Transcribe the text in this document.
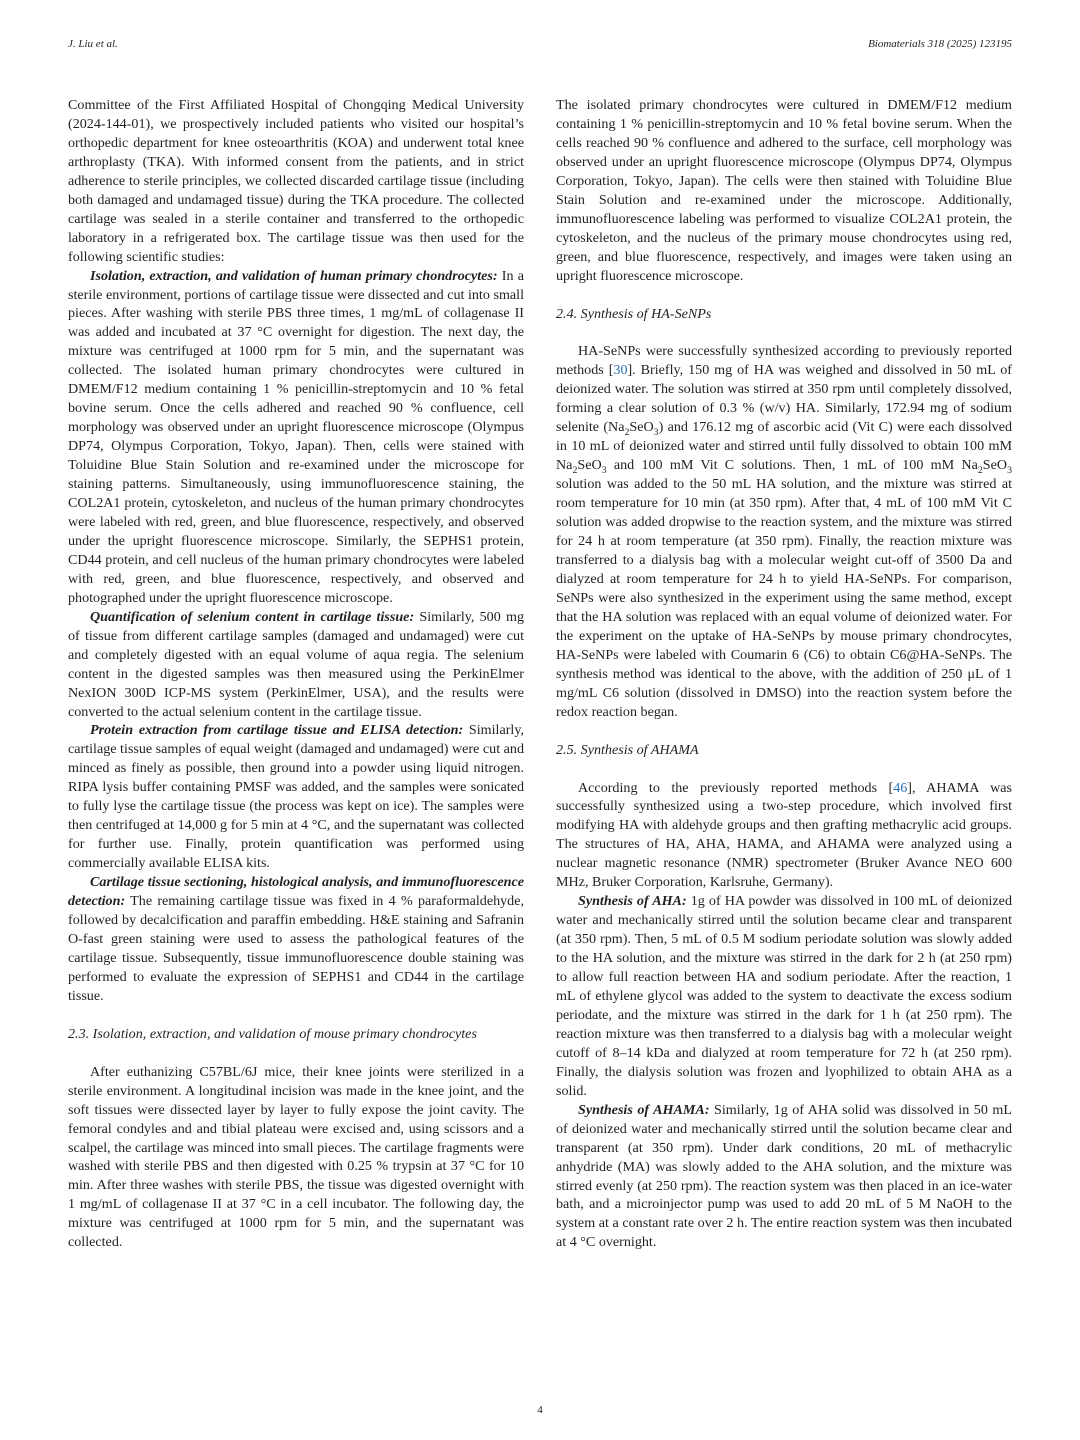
J. Liu et al.	Biomaterials 318 (2025) 123195

Committee of the First Affiliated Hospital of Chongqing Medical University (2024-144-01), we prospectively included patients who visited our hospital’s orthopedic department for knee osteoarthritis (KOA) and underwent total knee arthroplasty (TKA). With informed consent from the patients, and in strict adherence to sterile principles, we collected discarded cartilage tissue (including both damaged and undamaged tissue) during the TKA procedure. The collected cartilage was sealed in a sterile container and transferred to the orthopedic laboratory in a refrigerated box. The cartilage tissue was then used for the following scientific studies:

Isolation, extraction, and validation of human primary chondrocytes: In a sterile environment, portions of cartilage tissue were dissected and cut into small pieces. After washing with sterile PBS three times, 1 mg/mL of collagenase II was added and incubated at 37 °C overnight for digestion. The next day, the mixture was centrifuged at 1000 rpm for 5 min, and the supernatant was collected. The isolated human primary chondrocytes were cultured in DMEM/F12 medium containing 1 % penicillin-streptomycin and 10 % fetal bovine serum. Once the cells adhered and reached 90 % confluence, cell morphology was observed under an upright fluorescence microscope (Olympus DP74, Olympus Corporation, Tokyo, Japan). Then, cells were stained with Toluidine Blue Stain Solution and re-examined under the microscope for staining patterns. Simultaneously, using immunofluorescence staining, the COL2A1 protein, cytoskeleton, and nucleus of the human primary chondrocytes were labeled with red, green, and blue fluorescence, respectively, and observed under the upright fluorescence microscope. Similarly, the SEPHS1 protein, CD44 protein, and cell nucleus of the human primary chondrocytes were labeled with red, green, and blue fluorescence, respectively, and observed and photographed under the upright fluorescence microscope.

Quantification of selenium content in cartilage tissue: Similarly, 500 mg of tissue from different cartilage samples (damaged and undamaged) were cut and completely digested with an equal volume of aqua regia. The selenium content in the digested samples was then measured using the PerkinElmer NexION 300D ICP-MS system (PerkinElmer, USA), and the results were converted to the actual selenium content in the cartilage tissue.

Protein extraction from cartilage tissue and ELISA detection: Similarly, cartilage tissue samples of equal weight (damaged and undamaged) were cut and minced as finely as possible, then ground into a powder using liquid nitrogen. RIPA lysis buffer containing PMSF was added, and the samples were sonicated to fully lyse the cartilage tissue (the process was kept on ice). The samples were then centrifuged at 14,000 g for 5 min at 4 °C, and the supernatant was collected for further use. Finally, protein quantification was performed using commercially available ELISA kits.

Cartilage tissue sectioning, histological analysis, and immunofluorescence detection: The remaining cartilage tissue was fixed in 4 % paraformaldehyde, followed by decalcification and paraffin embedding. H&E staining and Safranin O-fast green staining were used to assess the pathological features of the cartilage tissue. Subsequently, tissue immunofluorescence double staining was performed to evaluate the expression of SEPHS1 and CD44 in the cartilage tissue.

2.3. Isolation, extraction, and validation of mouse primary chondrocytes

After euthanizing C57BL/6J mice, their knee joints were sterilized in a sterile environment. A longitudinal incision was made in the knee joint, and the soft tissues were dissected layer by layer to fully expose the joint cavity. The femoral condyles and and tibial plateau were excised and, using scissors and a scalpel, the cartilage was minced into small pieces. The cartilage fragments were washed with sterile PBS and then digested with 0.25 % trypsin at 37 °C for 10 min. After three washes with sterile PBS, the tissue was digested overnight with 1 mg/mL of collagenase II at 37 °C in a cell incubator. The following day, the mixture was centrifuged at 1000 rpm for 5 min, and the supernatant was collected.

The isolated primary chondrocytes were cultured in DMEM/F12 medium containing 1 % penicillin-streptomycin and 10 % fetal bovine serum. When the cells reached 90 % confluence and adhered to the surface, cell morphology was observed under an upright fluorescence microscope (Olympus DP74, Olympus Corporation, Tokyo, Japan). The cells were then stained with Toluidine Blue Stain Solution and re-examined under the microscope. Additionally, immunofluorescence labeling was performed to visualize COL2A1 protein, the cytoskeleton, and the nucleus of the primary mouse chondrocytes using red, green, and blue fluorescence, respectively, and images were taken using an upright fluorescence microscope.

2.4. Synthesis of HA-SeNPs

HA-SeNPs were successfully synthesized according to previously reported methods [30]. Briefly, 150 mg of HA was weighed and dissolved in 50 mL of deionized water. The solution was stirred at 350 rpm until completely dissolved, forming a clear solution of 0.3 % (w/v) HA. Similarly, 172.94 mg of sodium selenite $(Na_2SeO_3)$ and 176.12 mg of ascorbic acid (Vit C) were each dissolved in 10 mL of deionized water and stirred until fully dissolved to obtain 100 mM $Na_2SeO_3$ and 100 mM Vit C solutions. Then, 1 mL of 100 mM $Na_2SeO_3$ solution was added to the 50 mL HA solution, and the mixture was stirred at room temperature for 10 min (at 350 rpm). After that, 4 mL of 100 mM Vit C solution was added dropwise to the reaction system, and the mixture was stirred for 24 h at room temperature (at 350 rpm). Finally, the reaction mixture was transferred to a dialysis bag with a molecular weight cut-off of 3500 Da and dialyzed at room temperature for 24 h to yield HA-SeNPs. For comparison, SeNPs were also synthesized in the experiment using the same method, except that the HA solution was replaced with an equal volume of deionized water. For the experiment on the uptake of HA-SeNPs by mouse primary chondrocytes, HA-SeNPs were labeled with Coumarin 6 (C6) to obtain C6@HA-SeNPs. The synthesis method was identical to the above, with the addition of 250 μL of 1 mg/mL C6 solution (dissolved in DMSO) into the reaction system before the redox reaction began.

2.5. Synthesis of AHAMA

According to the previously reported methods [46], AHAMA was successfully synthesized using a two-step procedure, which involved first modifying HA with aldehyde groups and then grafting methacrylic acid groups. The structures of HA, AHA, HAMA, and AHAMA were analyzed using a nuclear magnetic resonance (NMR) spectrometer (Bruker Avance NEO 600 MHz, Bruker Corporation, Karlsruhe, Germany).

Synthesis of AHA: 1g of HA powder was dissolved in 100 mL of deionized water and mechanically stirred until the solution became clear and transparent (at 350 rpm). Then, 5 mL of 0.5 M sodium periodate solution was slowly added to the HA solution, and the mixture was stirred in the dark for 2 h (at 250 rpm) to allow full reaction between HA and sodium periodate. After the reaction, 1 mL of ethylene glycol was added to the system to deactivate the excess sodium periodate, and the mixture was stirred in the dark for 1 h (at 250 rpm). The reaction mixture was then transferred to a dialysis bag with a molecular weight cutoff of 8–14 kDa and dialyzed at room temperature for 72 h (at 250 rpm). Finally, the dialysis solution was frozen and lyophilized to obtain AHA as a solid.

Synthesis of AHAMA: Similarly, 1g of AHA solid was dissolved in 50 mL of deionized water and mechanically stirred until the solution became clear and transparent (at 350 rpm). Under dark conditions, 20 mL of methacrylic anhydride (MA) was slowly added to the AHA solution, and the mixture was stirred evenly (at 250 rpm). The reaction system was then placed in an ice-water bath, and a microinjector pump was used to add 20 mL of 5 M NaOH to the system at a constant rate over 2 h. The entire reaction system was then incubated at 4 °C overnight.

4
